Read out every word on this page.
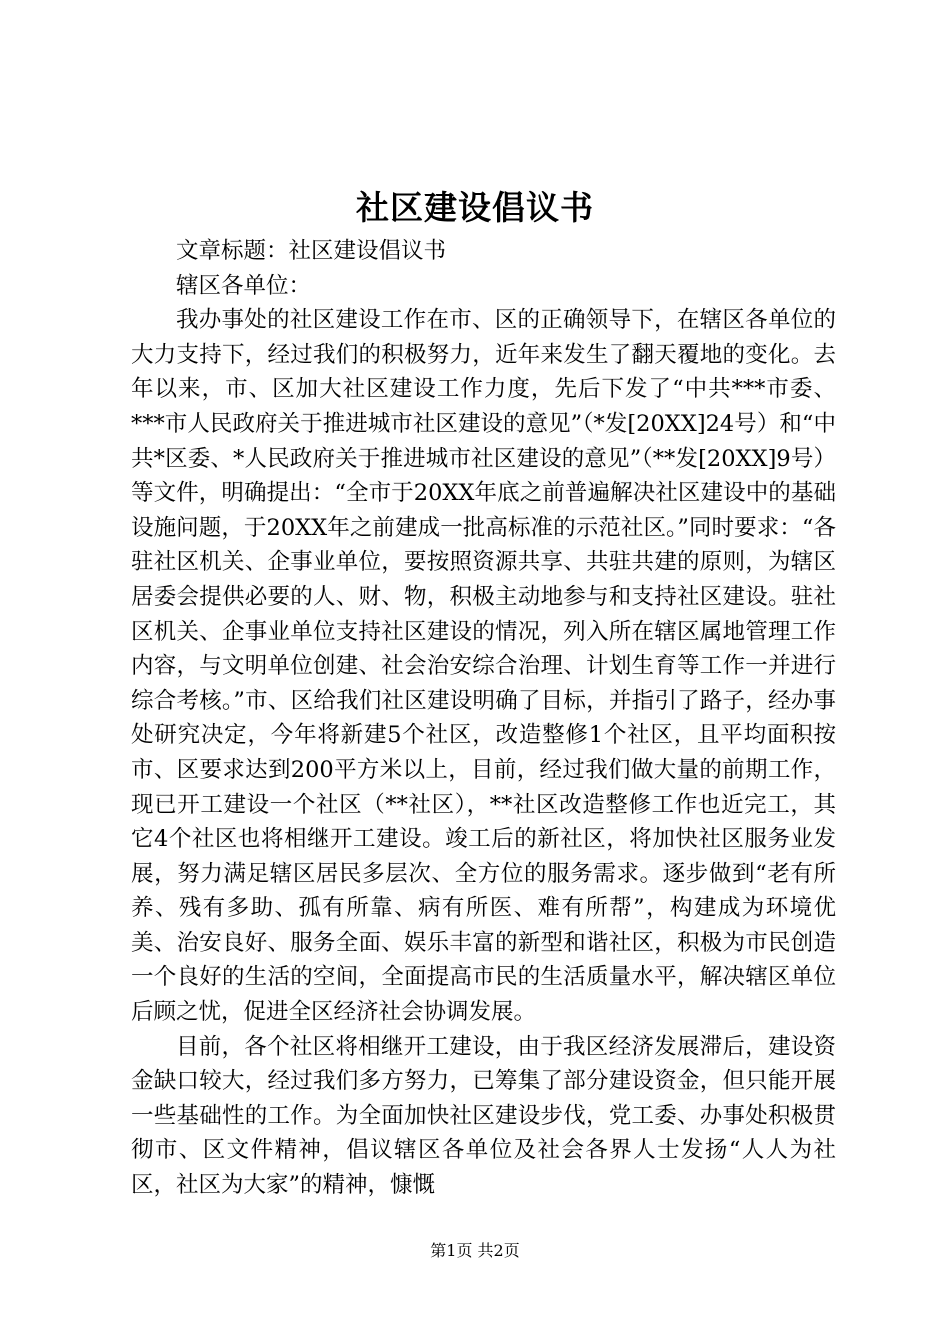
社区建设倡议书

文章标题：社区建设倡议书

辖区各单位：

我办事处的社区建设工作在市、区的正确领导下，在辖区各单位的大力支持下，经过我们的积极努力，近年来发生了翻天覆地的变化。去年以来，市、区加大社区建设工作力度，先后下发了“中共***市委、***市人民政府关于推进城市社区建设的意见”（*发[20XX]24号）和“中共*区委、*人民政府关于推进城市社区建设的意见”（**发[20XX]9号）等文件，明确提出：“全市于20XX年底之前普遍解决社区建设中的基础设施问题，于20XX年之前建成一批高标准的示范社区。”同时要求：“各驻社区机关、企事业单位，要按照资源共享、共驻共建的原则，为辖区居委会提供必要的人、财、物，积极主动地参与和支持社区建设。驻社区机关、企事业单位支持社区建设的情况，列入所在辖区属地管理工作内容，与文明单位创建、社会治安综合治理、计划生育等工作一并进行综合考核。”市、区给我们社区建设明确了目标，并指引了路子，经办事处研究决定，今年将新建5个社区，改造整修1个社区，且平均面积按市、区要求达到200平方米以上，目前，经过我们做大量的前期工作，现已开工建设一个社区（**社区），**社区改造整修工作也近完工，其它4个社区也将相继开工建设。竣工后的新社区，将加快社区服务业发展，努力满足辖区居民多层次、全方位的服务需求。逐步做到“老有所养、残有多助、孤有所靠、病有所医、难有所帮”，构建成为环境优美、治安良好、服务全面、娱乐丰富的新型和谐社区，积极为市民创造一个良好的生活的空间，全面提高市民的生活质量水平，解决辖区单位后顾之忧，促进全区经济社会协调发展。

目前，各个社区将相继开工建设，由于我区经济发展滞后，建设资金缺口较大，经过我们多方努力，已筹集了部分建设资金，但只能开展一些基础性的工作。为全面加快社区建设步伐，党工委、办事处积极贯彻市、区文件精神，倡议辖区各单位及社会各界人士发扬“人人为社区，社区为大家”的精神，慷慨

第1页 共2页
